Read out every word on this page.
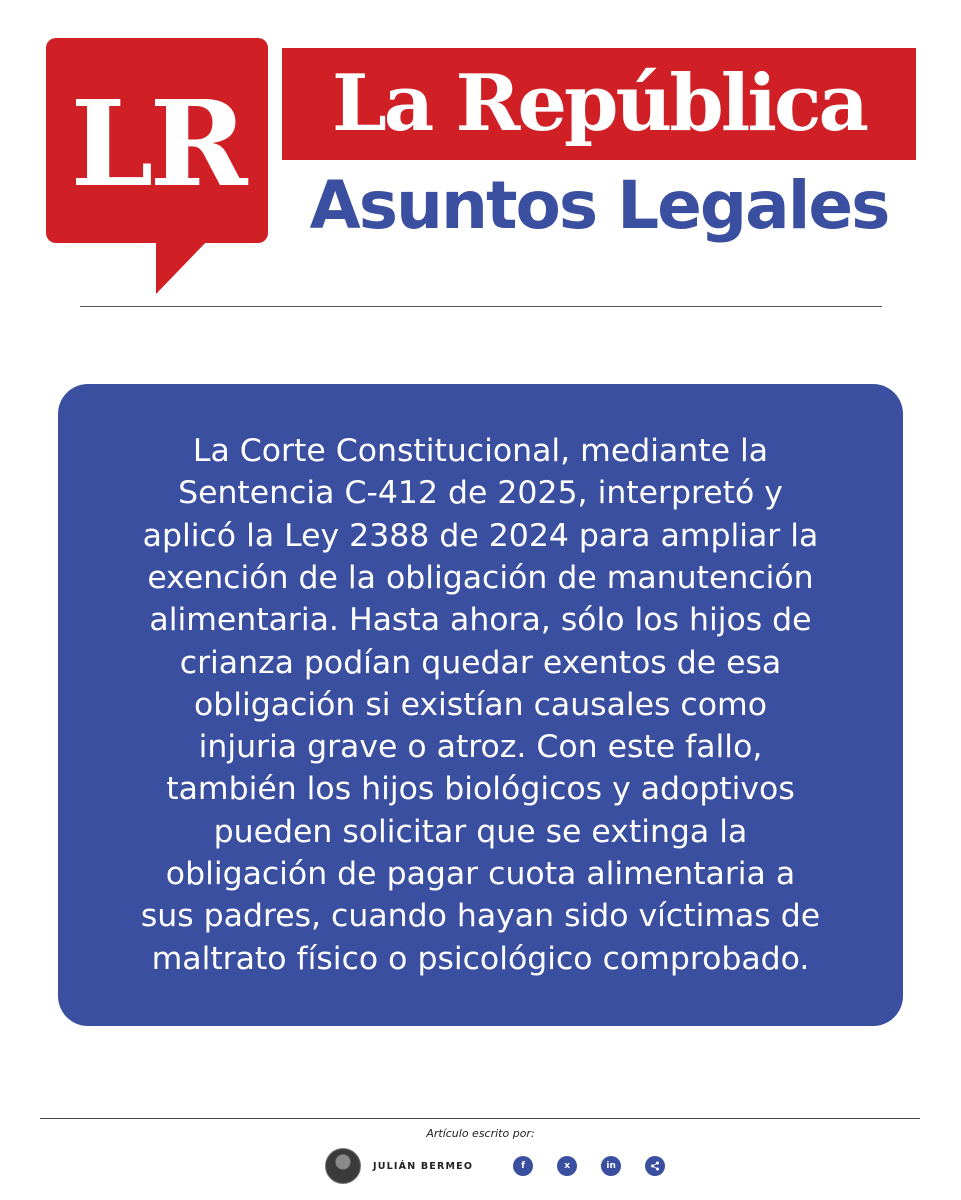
LR	La República
Asuntos Legales

La Corte Constitucional, mediante la
Sentencia C-412 de 2025, interpretó y
aplicó la Ley 2388 de 2024 para ampliar la
exención de la obligación de manutención
alimentaria. Hasta ahora, sólo los hijos de
crianza podían quedar exentos de esa
obligación si existían causales como
injuria grave o atroz. Con este fallo,
también los hijos biológicos y adoptivos
pueden solicitar que se extinga la
obligación de pagar cuota alimentaria a
sus padres, cuando hayan sido víctimas de
maltrato físico o psicológico comprobado.

Artículo escrito por:
JULIÁN BERMEO	f	x	in
